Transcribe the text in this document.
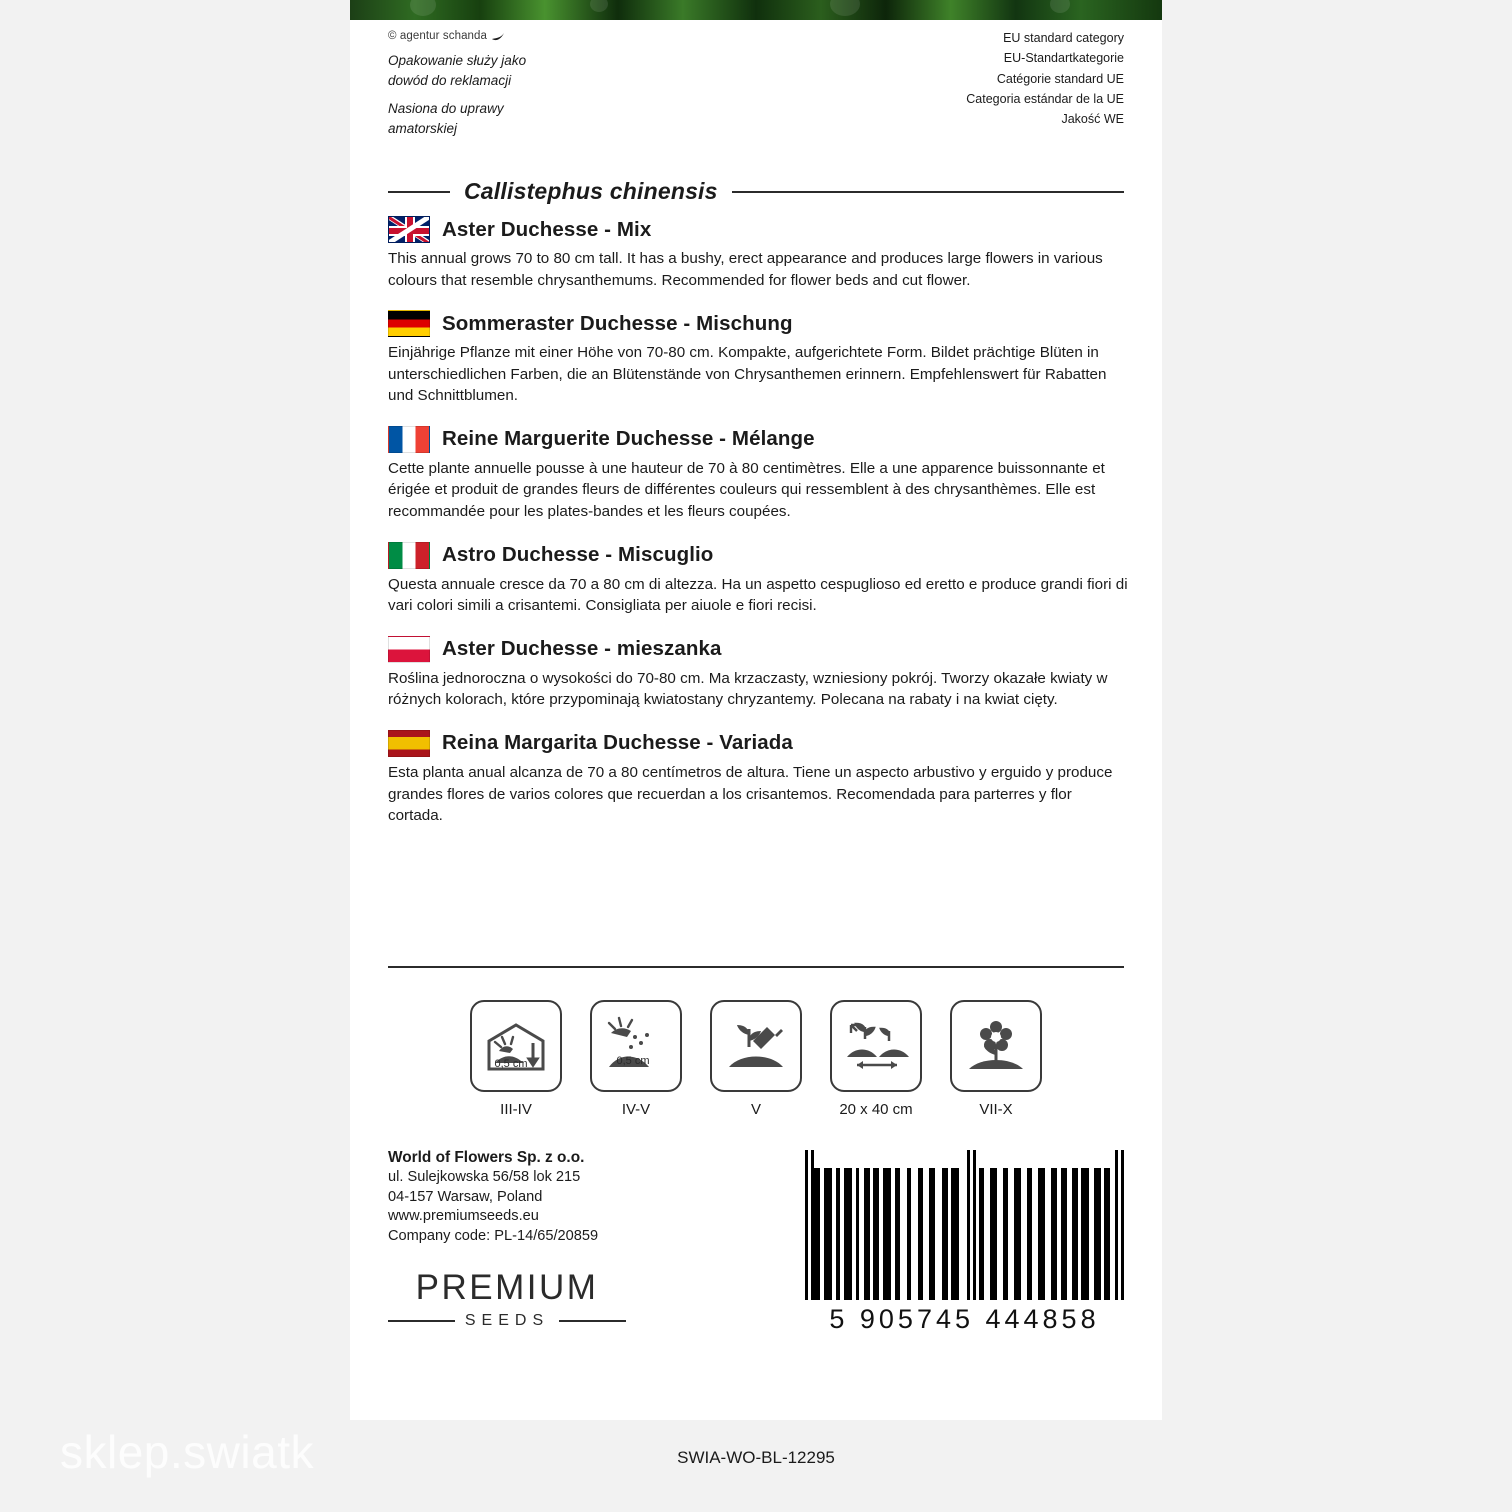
© agentur schanda
Opakowanie służy jako
dowód do reklamacji
Nasiona do uprawy
amatorskiej
EU standard category
EU-Standartkategorie
Catégorie standard UE
Categoria estándar de la UE
Jakość WE
Callistephus chinensis
Aster Duchesse - Mix
This annual grows 70 to 80 cm tall. It has a bushy, erect appearance and produces large flowers in various colours that resemble chrysanthemums. Recommended for flower beds and cut flower.
Sommeraster Duchesse - Mischung
Einjährige Pflanze mit einer Höhe von 70-80 cm. Kompakte, aufgerichtete Form. Bildet prächtige Blüten in unterschiedlichen Farben, die an Blütenstände von Chrysanthemen erinnern. Empfehlenswert für Rabatten und Schnittblumen.
Reine Marguerite Duchesse - Mélange
Cette plante annuelle pousse à une hauteur de 70 à 80 centimètres. Elle a une apparence buissonnante et érigée et produit de grandes fleurs de différentes couleurs qui ressemblent à des chrysanthèmes. Elle est recommandée pour les plates-bandes et les fleurs coupées.
Astro Duchesse - Miscuglio
Questa annuale cresce da 70 a 80 cm di altezza. Ha un aspetto cespuglioso ed eretto e produce grandi fiori di vari colori simili a crisantemi. Consigliata per aiuole e fiori recisi.
Aster Duchesse - mieszanka
Roślina jednoroczna o wysokości do 70-80 cm. Ma krzaczasty, wzniesiony pokrój. Tworzy okazałe kwiaty w różnych kolorach, które przypominają kwiatostany chryzantemy. Polecana na rabaty i na kwiat cięty.
Reina Margarita Duchesse - Variada
Esta planta anual alcanza de 70 a 80 centímetros de altura. Tiene un aspecto arbustivo y erguido y produce grandes flores de varios colores que recuerdan a los crisantemos. Recomendada para parterres y flor cortada.
0,5 cm
III-IV
0,5 cm
IV-V	V	20 x 40 cm	VII-X
World of Flowers Sp. z o.o.
ul. Sulejkowska 56/58 lok 215
04-157 Warsaw, Poland
www.premiumseeds.eu
Company code: PL-14/65/20859
PREMIUM
SEEDS	5 905745 444858
SWIA-WO-BL-12295
sklep.swiatk
